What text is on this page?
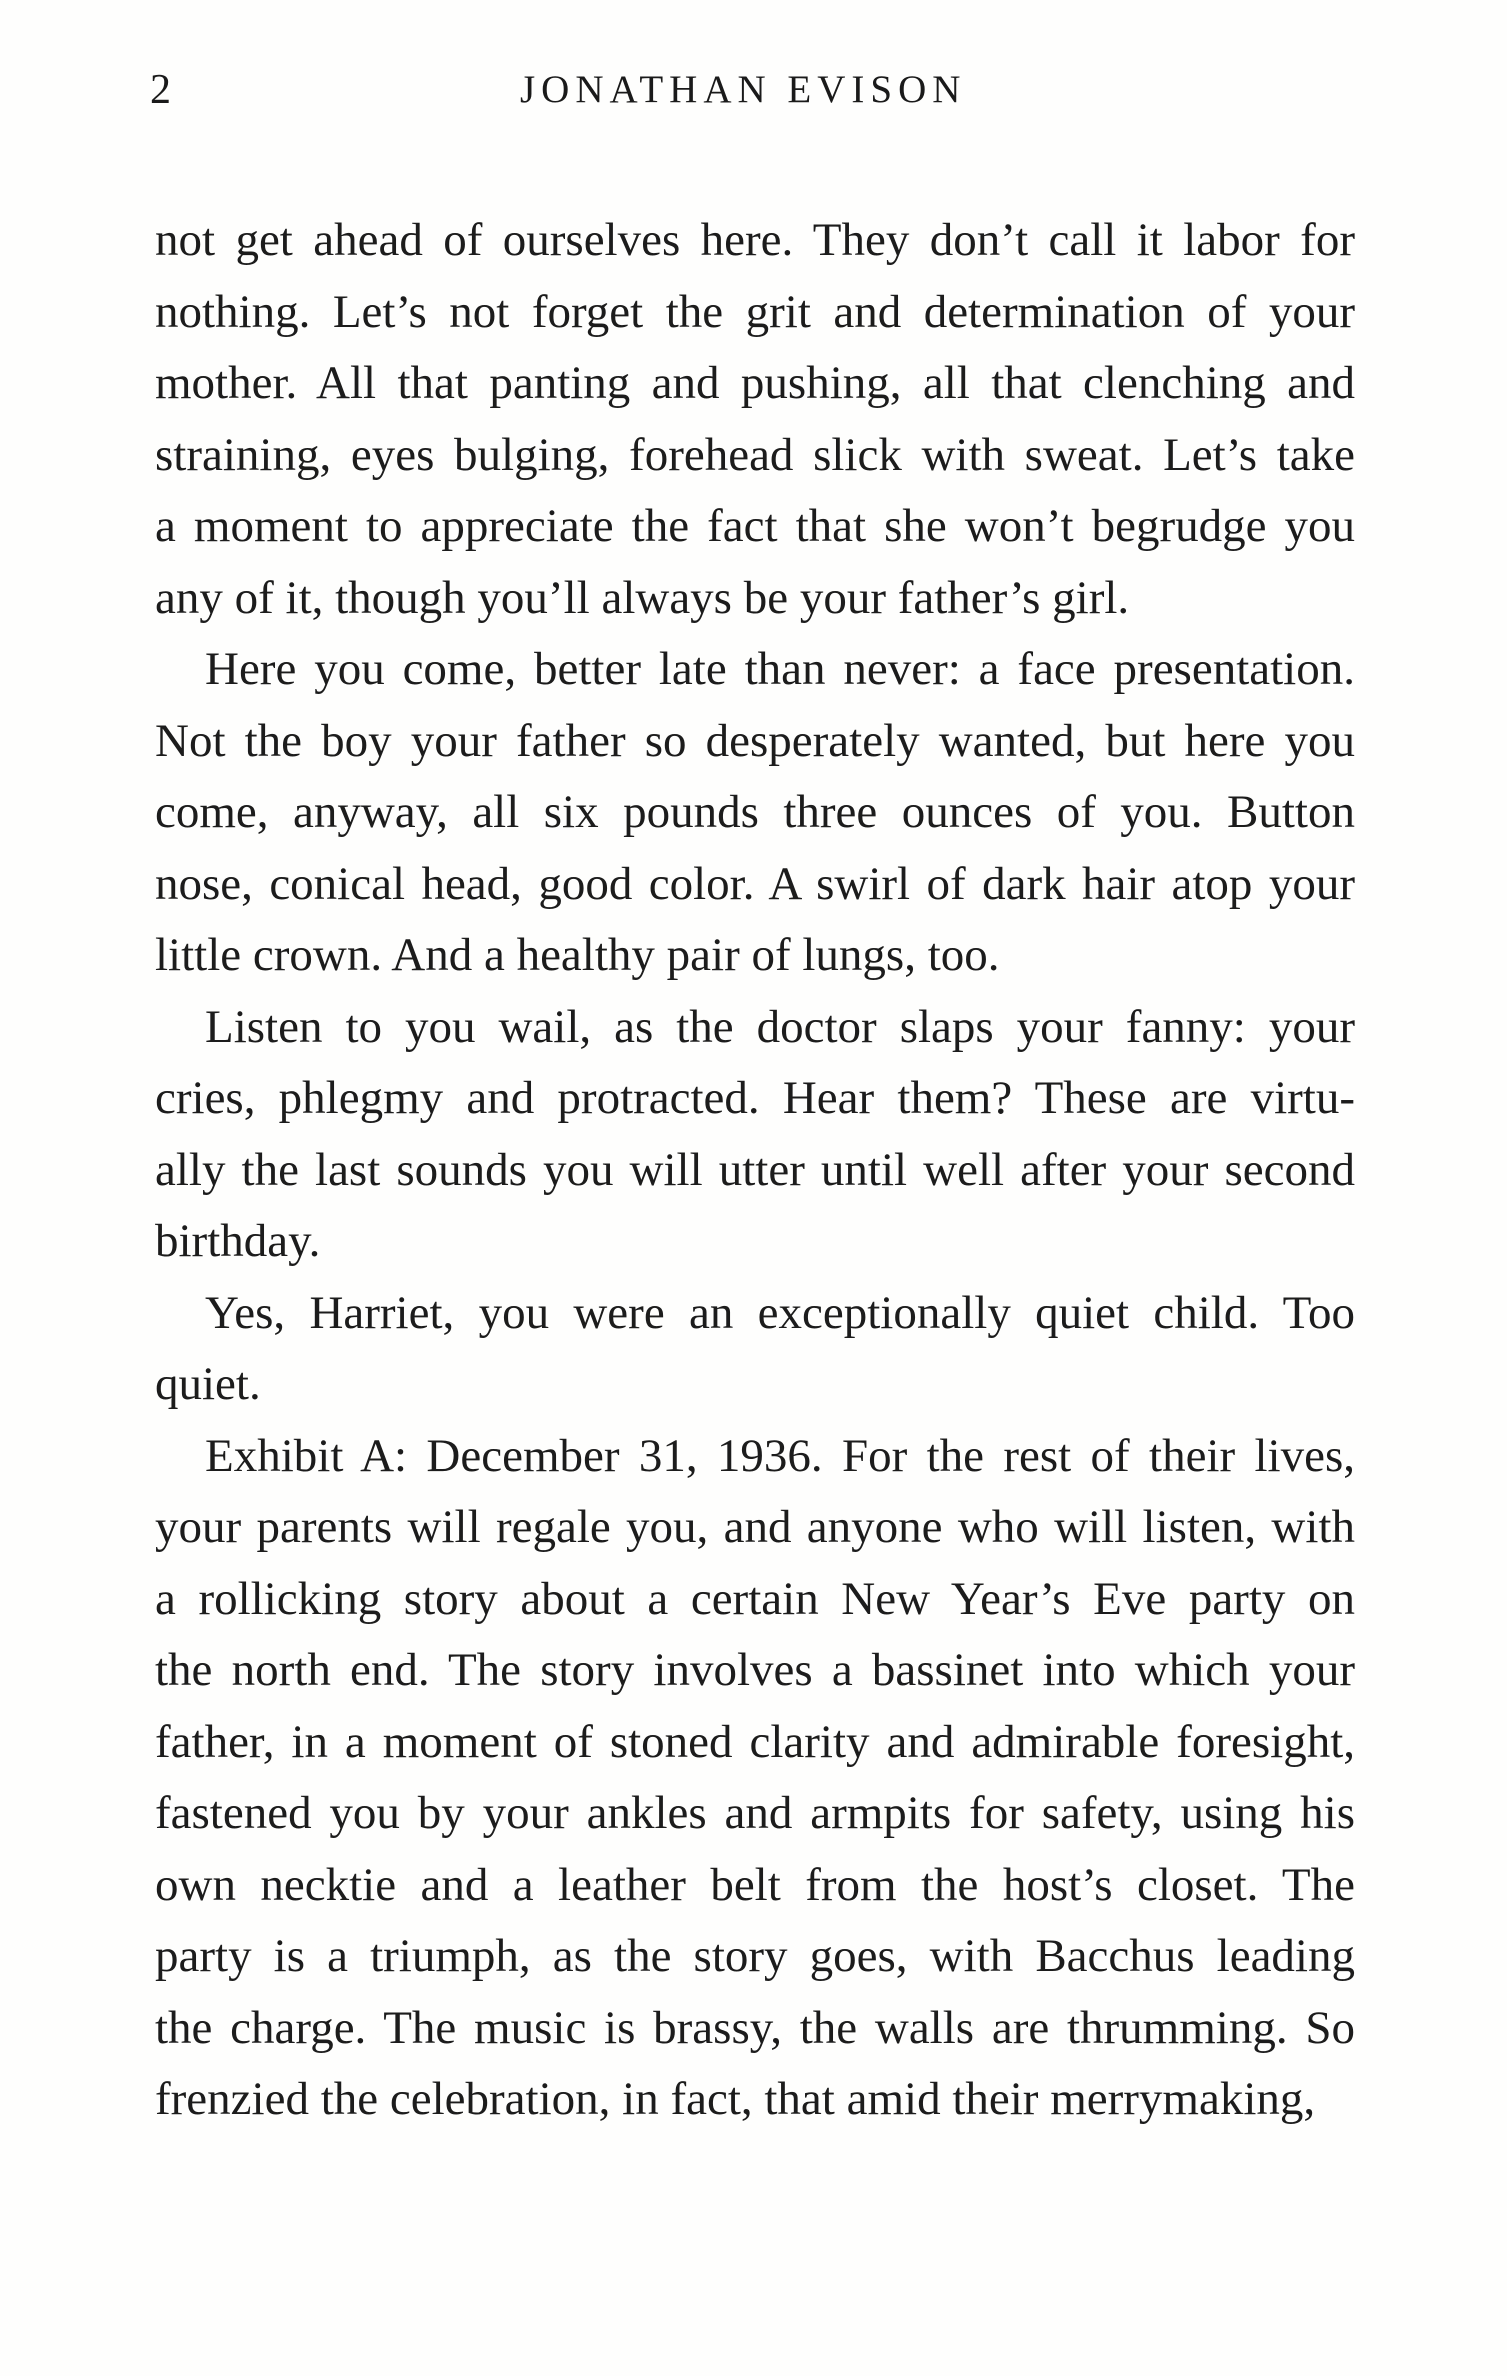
2	JONATHAN EVISON
not get ahead of ourselves here. They don’t call it labor for
nothing. Let’s not forget the grit and determination of your
mother. All that panting and pushing, all that clenching and
straining, eyes bulging, forehead slick with sweat. Let’s take
a moment to appreciate the fact that she won’t begrudge you
any of it, though you’ll always be your father’s girl.
Here you come, better late than never: a face presentation.
Not the boy your father so desperately wanted, but here you
come, anyway, all six pounds three ounces of you. Button
nose, conical head, good color. A swirl of dark hair atop your
little crown. And a healthy pair of lungs, too.
Listen to you wail, as the doctor slaps your fanny: your
cries, phlegmy and protracted. Hear them? These are virtu-
ally the last sounds you will utter until well after your second
birthday.
Yes, Harriet, you were an exceptionally quiet child. Too
quiet.
Exhibit A: December 31, 1936. For the rest of their lives,
your parents will regale you, and anyone who will listen, with
a rollicking story about a certain New Year’s Eve party on
the north end. The story involves a bassinet into which your
father, in a moment of stoned clarity and admirable foresight,
fastened you by your ankles and armpits for safety, using his
own necktie and a leather belt from the host’s closet. The
party is a triumph, as the story goes, with Bacchus leading
the charge. The music is brassy, the walls are thrumming. So
frenzied the celebration, in fact, that amid their merrymaking,
